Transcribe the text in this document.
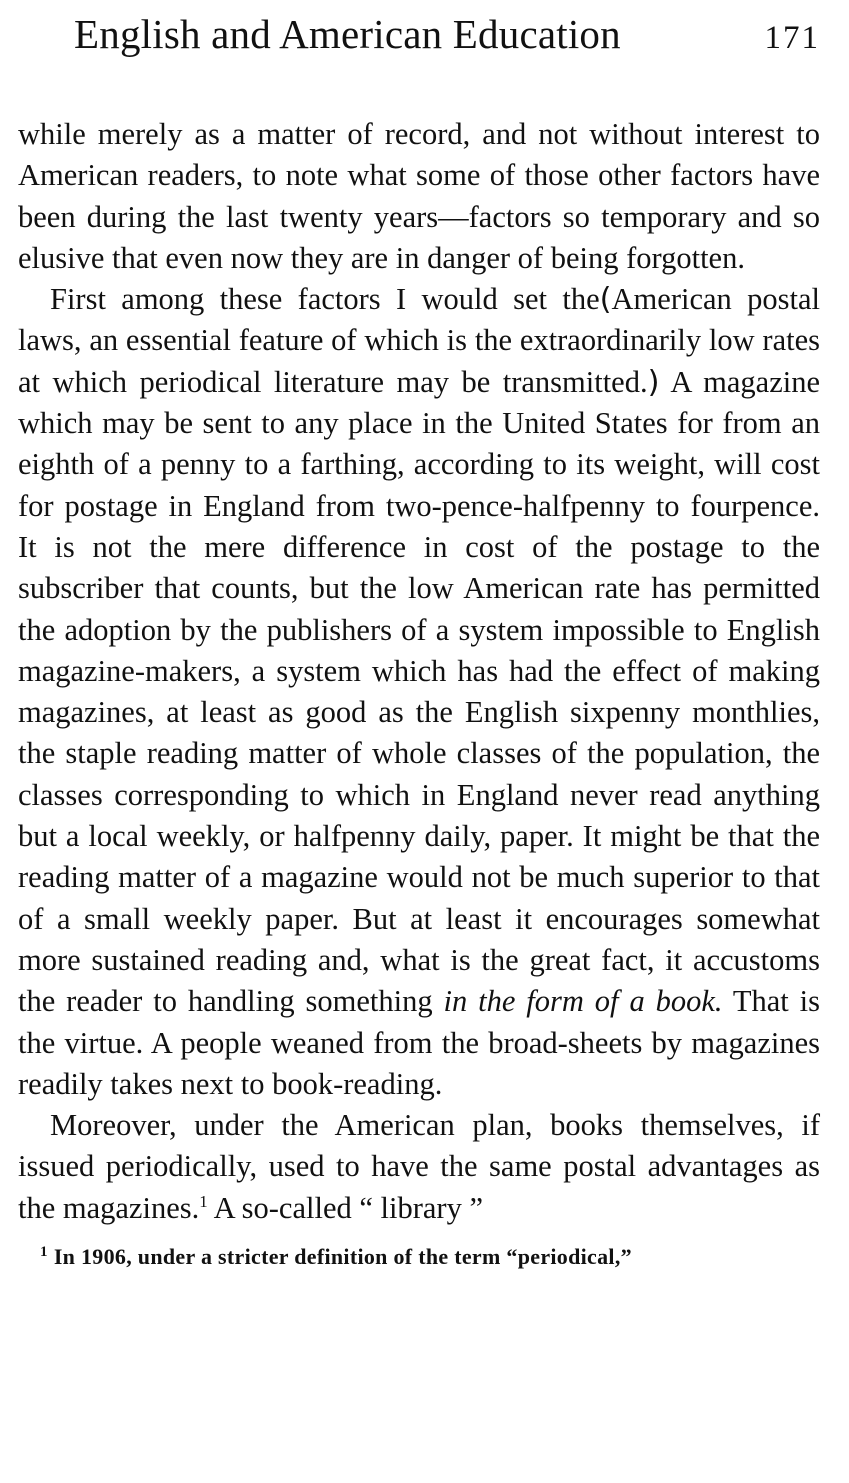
English and American Education	171

while merely as a matter of record, and not without interest to American readers, to note what some of those other factors have been during the last twenty years—factors so temporary and so elusive that even now they are in danger of being forgotten.

First among these factors I would set the(American postal laws, an essential feature of which is the extraordinarily low rates at which periodical literature may be transmitted.) A magazine which may be sent to any place in the United States for from an eighth of a penny to a farthing, according to its weight, will cost for postage in England from two-pence-halfpenny to fourpence. It is not the mere difference in cost of the postage to the subscriber that counts, but the low American rate has permitted the adoption by the publishers of a system impossible to English magazine-makers, a system which has had the effect of making magazines, at least as good as the English sixpenny monthlies, the staple reading matter of whole classes of the population, the classes corresponding to which in England never read anything but a local weekly, or halfpenny daily, paper. It might be that the reading matter of a magazine would not be much superior to that of a small weekly paper. But at least it encourages somewhat more sustained reading and, what is the great fact, it accustoms the reader to handling something in the form of a book. That is the virtue. A people weaned from the broad-sheets by magazines readily takes next to book-reading.

Moreover, under the American plan, books themselves, if issued periodically, used to have the same postal advantages as the magazines.$^1$ A so-called “ library ”

$^1$ In 1906, under a stricter definition of the term “periodical,”
